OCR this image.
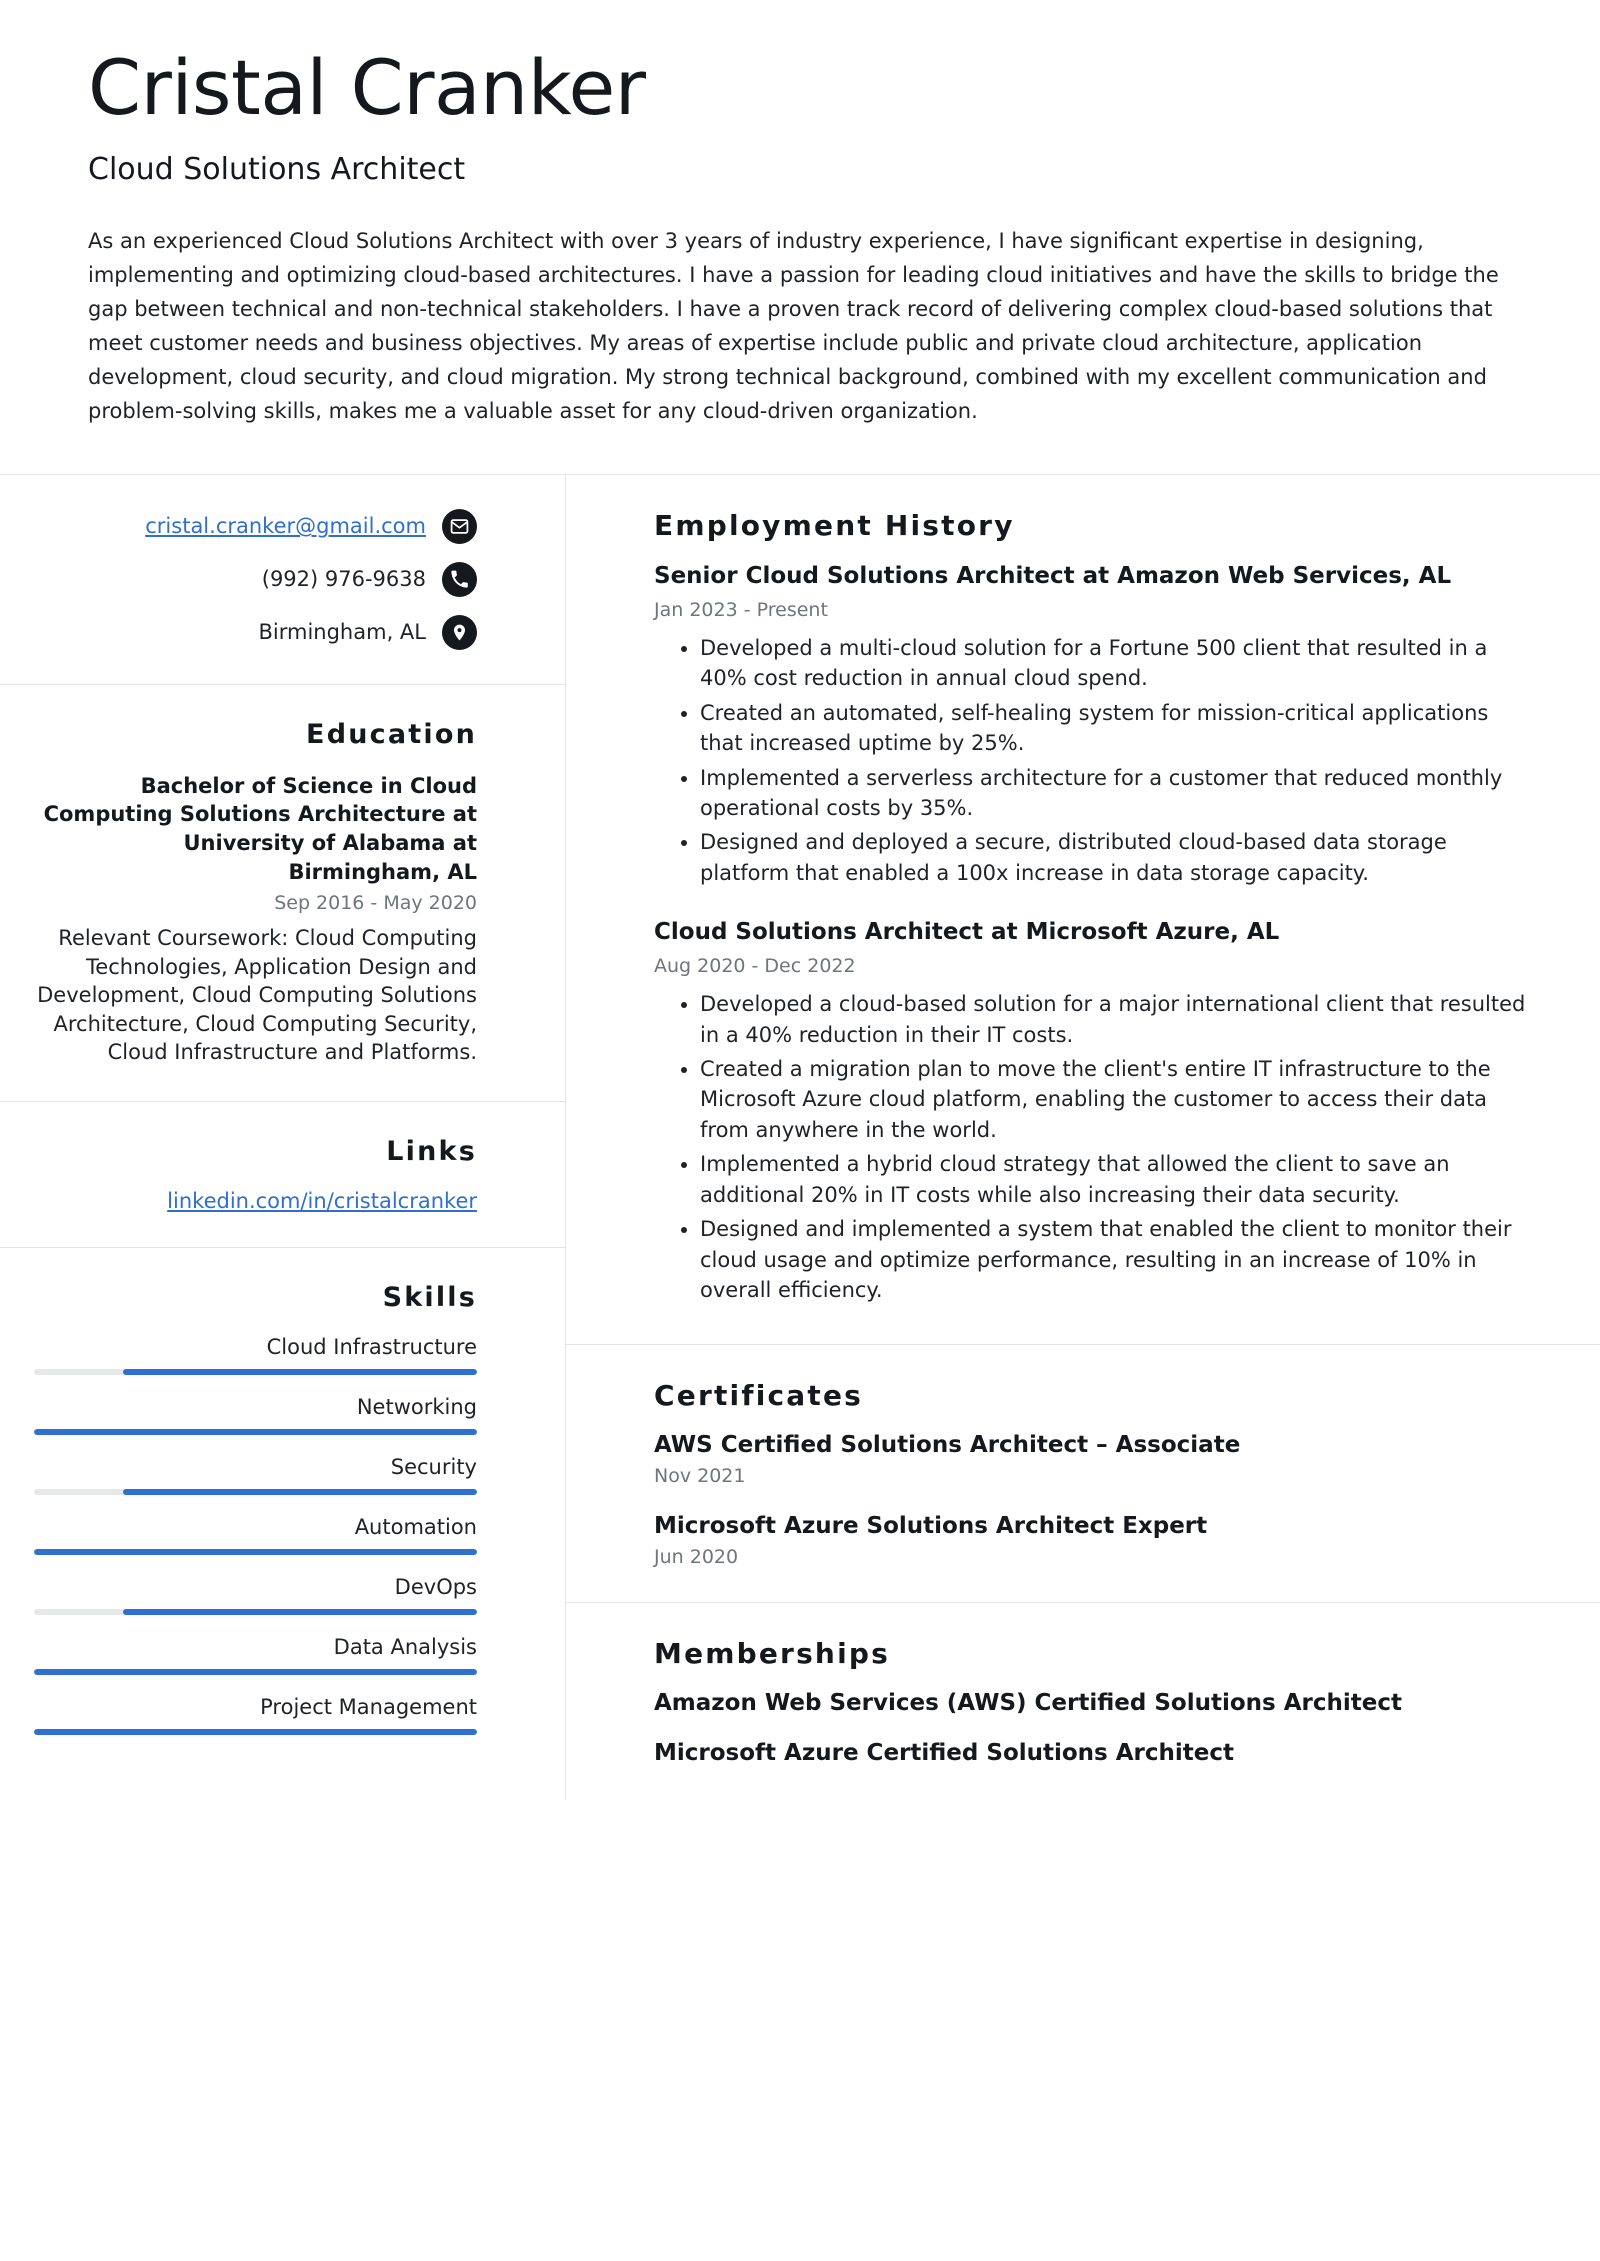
Cristal Cranker
Cloud Solutions Architect

As an experienced Cloud Solutions Architect with over 3 years of industry experience, I have significant expertise in designing, implementing and optimizing cloud-based architectures. I have a passion for leading cloud initiatives and have the skills to bridge the gap between technical and non-technical stakeholders. I have a proven track record of delivering complex cloud-based solutions that meet customer needs and business objectives. My areas of expertise include public and private cloud architecture, application development, cloud security, and cloud migration. My strong technical background, combined with my excellent communication and problem-solving skills, makes me a valuable asset for any cloud-driven organization.

cristal.cranker@gmail.com
(992) 976-9638
Birmingham, AL
Education
Bachelor of Science in Cloud Computing Solutions Architecture at University of Alabama at Birmingham, AL
Sep 2016 - May 2020
Relevant Coursework: Cloud Computing Technologies, Application Design and Development, Cloud Computing Solutions Architecture, Cloud Computing Security, Cloud Infrastructure and Platforms.
Links
linkedin.com/in/cristalcranker
Skills
Cloud Infrastructure
Networking
Security
Automation
DevOps
Data Analysis
Project Management
Employment History
Senior Cloud Solutions Architect at Amazon Web Services, AL
Jan 2023 - Present
• Developed a multi-cloud solution for a Fortune 500 client that resulted in a 40% cost reduction in annual cloud spend.
• Created an automated, self-healing system for mission-critical applications that increased uptime by 25%.
• Implemented a serverless architecture for a customer that reduced monthly operational costs by 35%.
• Designed and deployed a secure, distributed cloud-based data storage platform that enabled a 100x increase in data storage capacity.
Cloud Solutions Architect at Microsoft Azure, AL
Aug 2020 - Dec 2022
• Developed a cloud-based solution for a major international client that resulted in a 40% reduction in their IT costs.
• Created a migration plan to move the client's entire IT infrastructure to the Microsoft Azure cloud platform, enabling the customer to access their data from anywhere in the world.
• Implemented a hybrid cloud strategy that allowed the client to save an additional 20% in IT costs while also increasing their data security.
• Designed and implemented a system that enabled the client to monitor their cloud usage and optimize performance, resulting in an increase of 10% in overall efficiency.
Certificates
AWS Certified Solutions Architect – Associate
Nov 2021
Microsoft Azure Solutions Architect Expert
Jun 2020
Memberships
Amazon Web Services (AWS) Certified Solutions Architect
Microsoft Azure Certified Solutions Architect
